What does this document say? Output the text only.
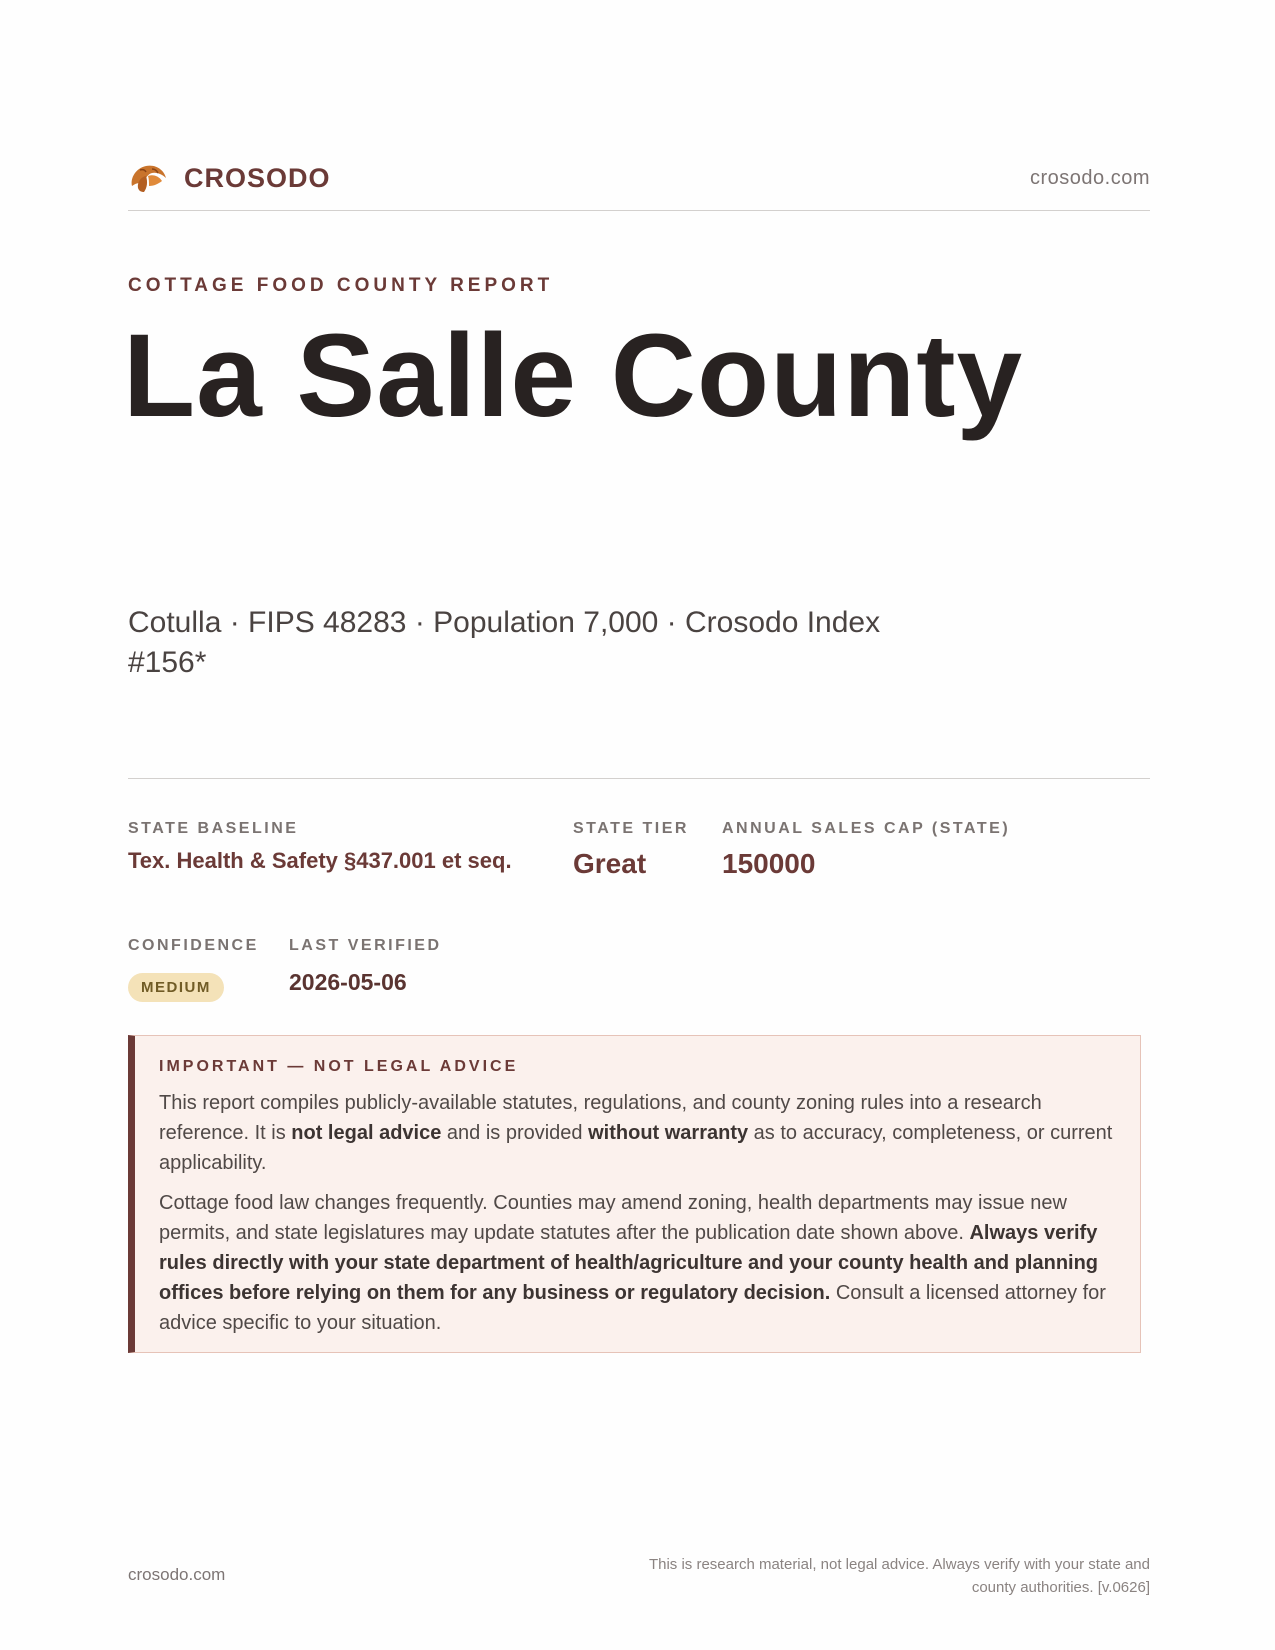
CROSODO	crosodo.com
COTTAGE FOOD COUNTY REPORT
La Salle County
Cotulla · FIPS 48283 · Population 7,000 · Crosodo Index #156*
STATE BASELINE
Tex. Health & Safety §437.001 et seq.
STATE TIER
Great
ANNUAL SALES CAP (STATE)
150000
CONFIDENCE
MEDIUM
LAST VERIFIED
2026-05-06
IMPORTANT — NOT LEGAL ADVICE

This report compiles publicly-available statutes, regulations, and county zoning rules into a research reference. It is not legal advice and is provided without warranty as to accuracy, completeness, or current applicability.

Cottage food law changes frequently. Counties may amend zoning, health departments may issue new permits, and state legislatures may update statutes after the publication date shown above. Always verify rules directly with your state department of health/agriculture and your county health and planning offices before relying on them for any business or regulatory decision. Consult a licensed attorney for advice specific to your situation.

crosodo.com
This is research material, not legal advice. Always verify with your state and county authorities. [v.0626]
